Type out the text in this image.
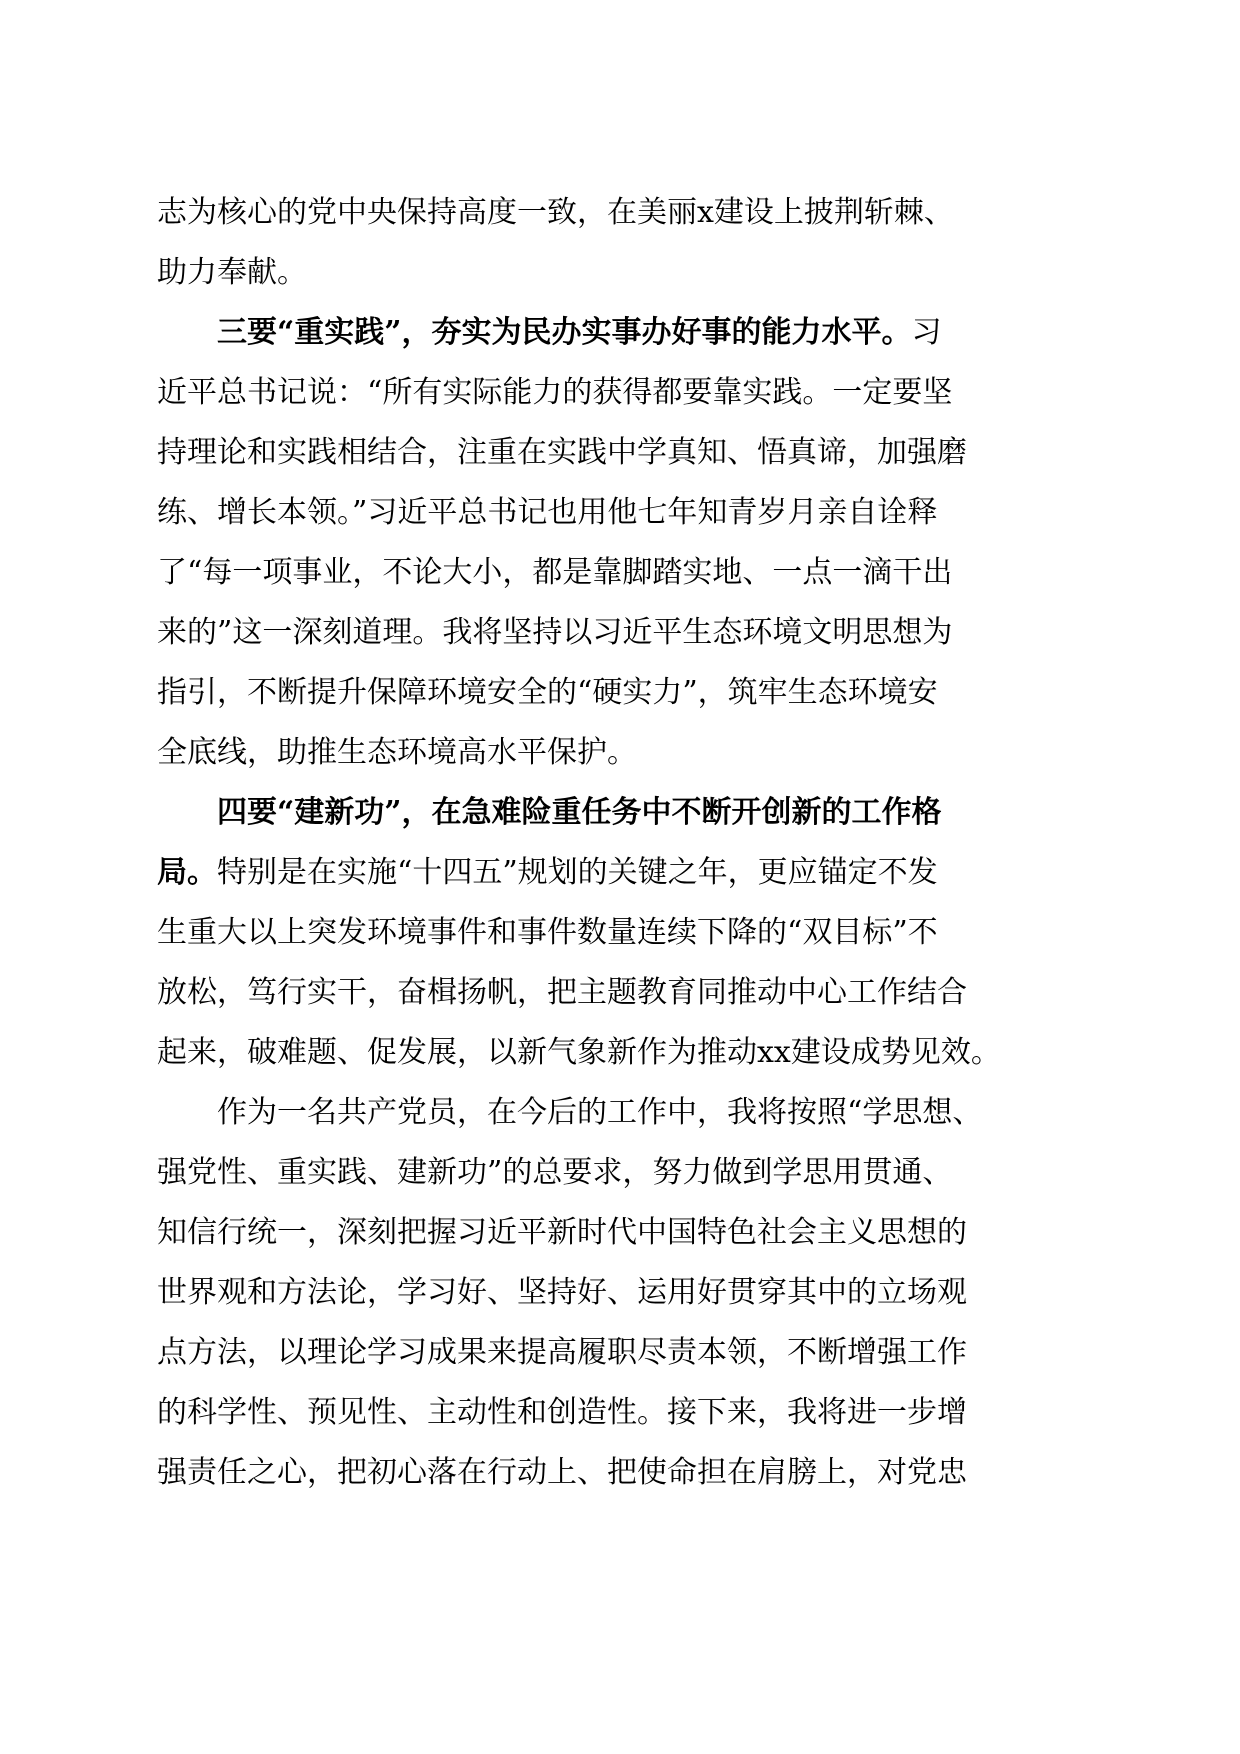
志为核心的党中央保持高度一致，在美丽x建设上披荆斩棘、
助力奉献。
三要“重实践”，夯实为民办实事办好事的能力水平。习
近平总书记说：“所有实际能力的获得都要靠实践。一定要坚
持理论和实践相结合，注重在实践中学真知、悟真谛，加强磨
练、增长本领。”习近平总书记也用他七年知青岁月亲自诠释
了“每一项事业，不论大小，都是靠脚踏实地、一点一滴干出
来的”这一深刻道理。我将坚持以习近平生态环境文明思想为
指引，不断提升保障环境安全的“硬实力”，筑牢生态环境安
全底线，助推生态环境高水平保护。
四要“建新功”，在急难险重任务中不断开创新的工作格
局。特别是在实施“十四五”规划的关键之年，更应锚定不发
生重大以上突发环境事件和事件数量连续下降的“双目标”不
放松，笃行实干，奋楫扬帆，把主题教育同推动中心工作结合
起来，破难题、促发展，以新气象新作为推动xx建设成势见效。
作为一名共产党员，在今后的工作中，我将按照“学思想、
强党性、重实践、建新功”的总要求，努力做到学思用贯通、
知信行统一，深刻把握习近平新时代中国特色社会主义思想的
世界观和方法论，学习好、坚持好、运用好贯穿其中的立场观
点方法，以理论学习成果来提高履职尽责本领，不断增强工作
的科学性、预见性、主动性和创造性。接下来，我将进一步增
强责任之心，把初心落在行动上、把使命担在肩膀上，对党忠
